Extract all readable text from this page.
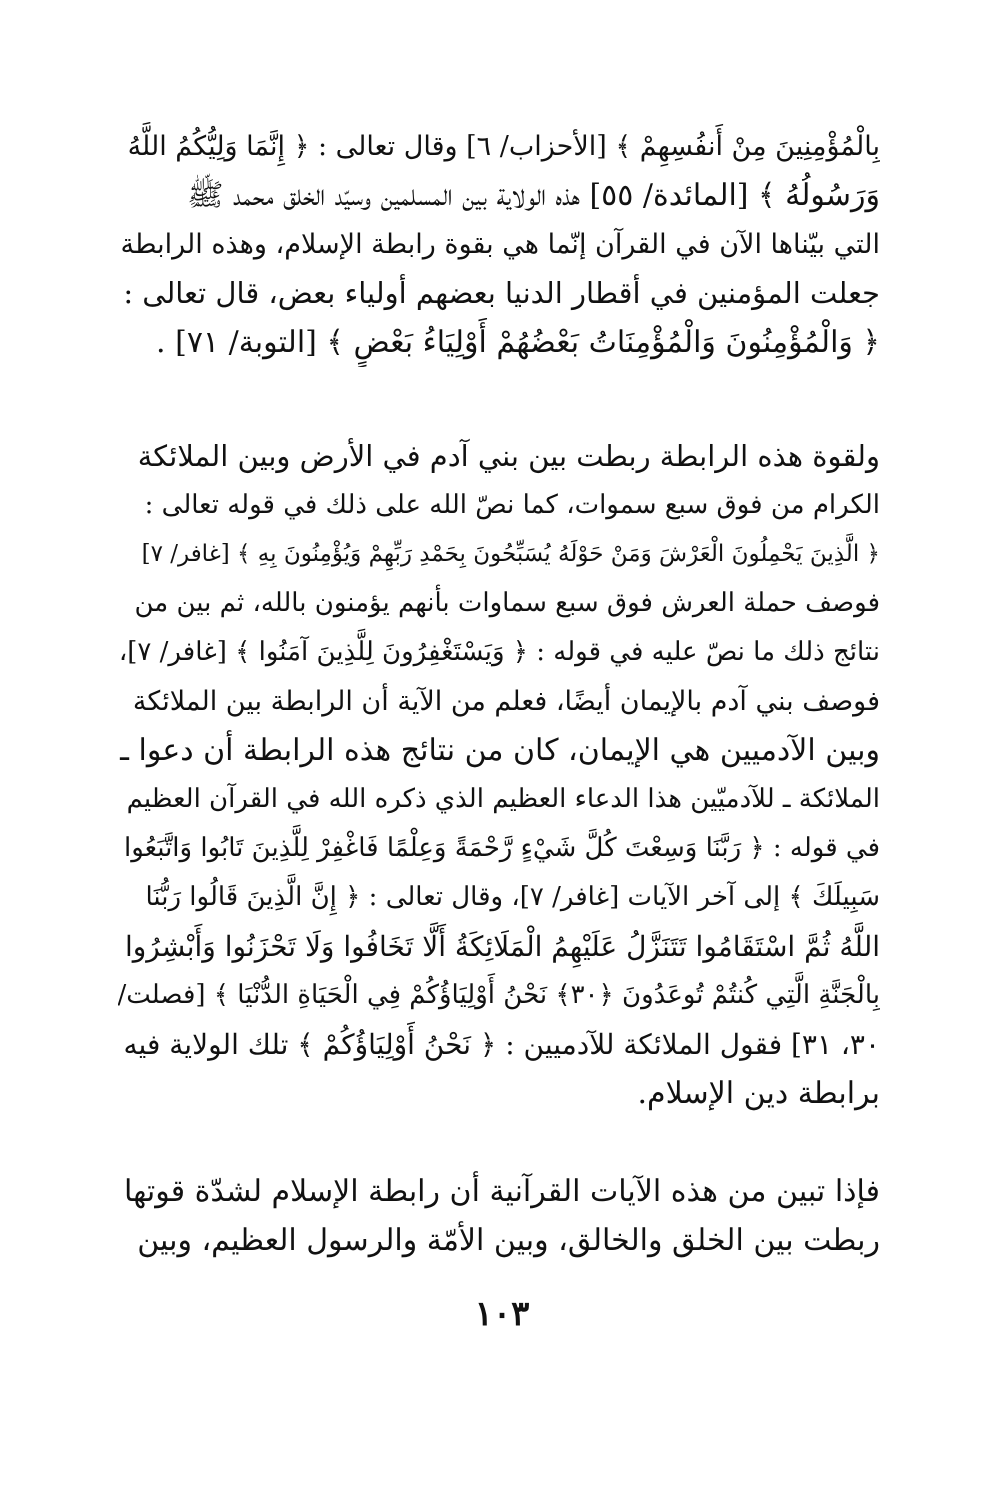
بِالْمُؤْمِنِينَ مِنْ أَنفُسِهِمْ ﴾ [الأحزاب/ ٦] وقال تعالى : ﴿ إِنَّمَا وَلِيُّكُمُ اللَّهُ
وَرَسُولُهُ ﴾ [المائدة/ ٥٥] هذه الولاية بين المسلمين وسيّد الخلق محمد ﷺ
التي بيّناها الآن في القرآن إنّما هي بقوة رابطة الإسلام، وهذه الرابطة
جعلت المؤمنين في أقطار الدنيا بعضهم أولياء بعض، قال تعالى :
﴿ وَالْمُؤْمِنُونَ وَالْمُؤْمِنَاتُ بَعْضُهُمْ أَوْلِيَاءُ بَعْضٍ ﴾ [التوبة/ ٧١] .
ولقوة هذه الرابطة ربطت بين بني آدم في الأرض وبين الملائكة
الكرام من فوق سبع سموات، كما نصّ الله على ذلك في قوله تعالى :
﴿ الَّذِينَ يَحْمِلُونَ الْعَرْشَ وَمَنْ حَوْلَهُ يُسَبِّحُونَ بِحَمْدِ رَبِّهِمْ وَيُؤْمِنُونَ بِهِ ﴾ [غافر/ ٧]
فوصف حملة العرش فوق سبع سماوات بأنهم يؤمنون بالله، ثم بين من
نتائج ذلك ما نصّ عليه في قوله : ﴿ وَيَسْتَغْفِرُونَ لِلَّذِينَ آمَنُوا ﴾ [غافر/ ٧]،
فوصف بني آدم بالإيمان أيضًا، فعلم من الآية أن الرابطة بين الملائكة
وبين الآدميين هي الإيمان، كان من نتائج هذه الرابطة أن دعوا ـ
الملائكة ـ للآدميّين هذا الدعاء العظيم الذي ذكره الله في القرآن العظيم
في قوله : ﴿ رَبَّنَا وَسِعْتَ كُلَّ شَيْءٍ رَّحْمَةً وَعِلْمًا فَاغْفِرْ لِلَّذِينَ تَابُوا وَاتَّبَعُوا
سَبِيلَكَ ﴾ إلى آخر الآيات [غافر/ ٧]، وقال تعالى : ﴿ إِنَّ الَّذِينَ قَالُوا رَبُّنَا
اللَّهُ ثُمَّ اسْتَقَامُوا تَتَنَزَّلُ عَلَيْهِمُ الْمَلَائِكَةُ أَلَّا تَخَافُوا وَلَا تَحْزَنُوا وَأَبْشِرُوا
بِالْجَنَّةِ الَّتِي كُنتُمْ تُوعَدُونَ ﴿٣٠﴾ نَحْنُ أَوْلِيَاؤُكُمْ فِي الْحَيَاةِ الدُّنْيَا ﴾ [فصلت/
٣٠، ٣١] فقول الملائكة للآدميين : ﴿ نَحْنُ أَوْلِيَاؤُكُمْ ﴾ تلك الولاية فيه
برابطة دين الإسلام.
فإذا تبين من هذه الآيات القرآنية أن رابطة الإسلام لشدّة قوتها
ربطت بين الخلق والخالق، وبين الأمّة والرسول العظيم، وبين
١٠٣
